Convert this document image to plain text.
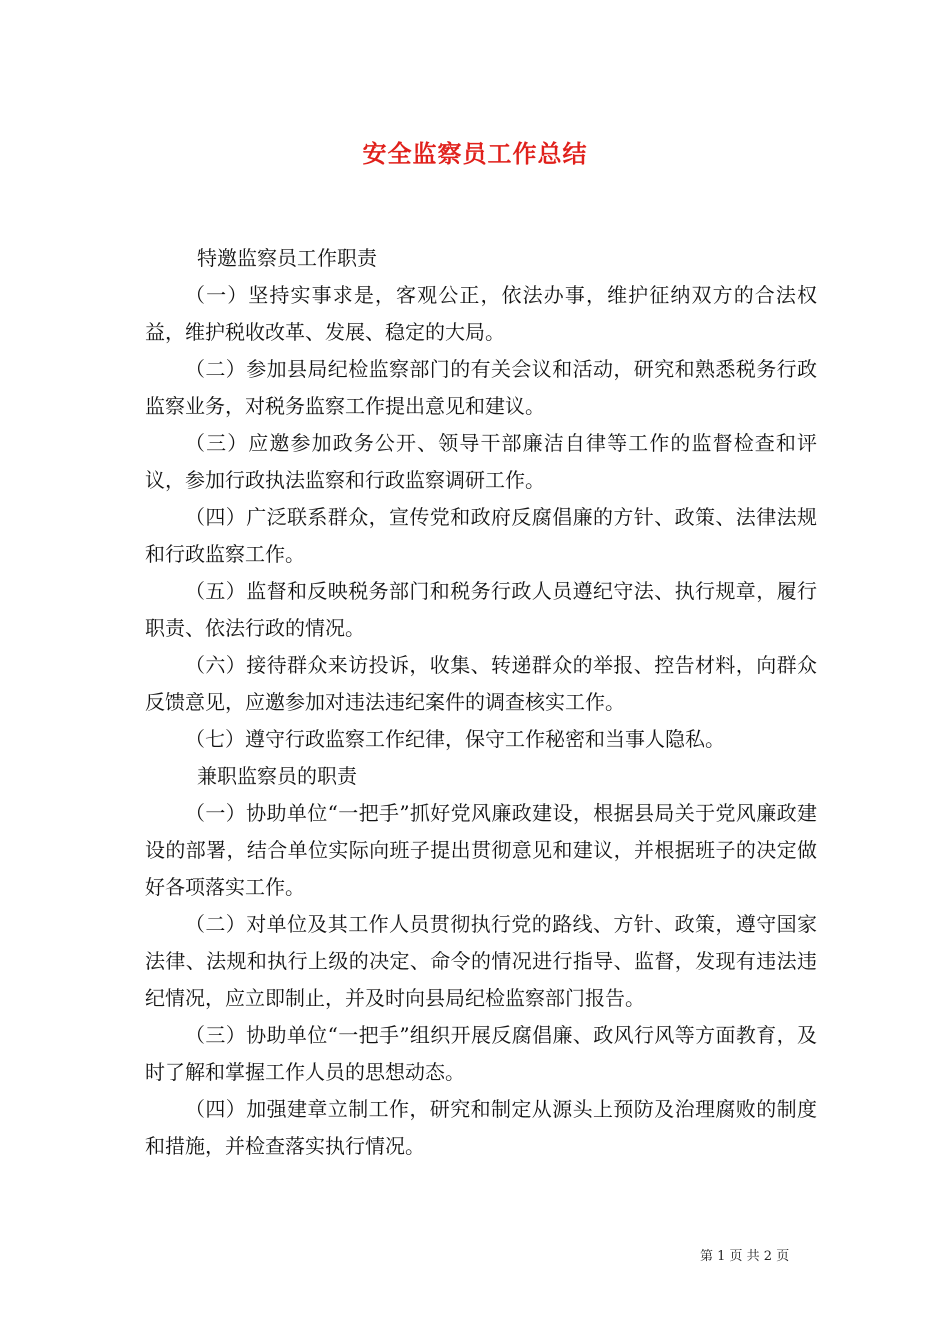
安全监察员工作总结

特邀监察员工作职责

（一）坚持实事求是，客观公正，依法办事，维护征纳双方的合法权益，维护税收改革、发展、稳定的大局。

（二）参加县局纪检监察部门的有关会议和活动，研究和熟悉税务行政监察业务，对税务监察工作提出意见和建议。

（三）应邀参加政务公开、领导干部廉洁自律等工作的监督检查和评议，参加行政执法监察和行政监察调研工作。

（四）广泛联系群众，宣传党和政府反腐倡廉的方针、政策、法律法规和行政监察工作。

（五）监督和反映税务部门和税务行政人员遵纪守法、执行规章，履行职责、依法行政的情况。

（六）接待群众来访投诉，收集、转递群众的举报、控告材料，向群众反馈意见，应邀参加对违法违纪案件的调查核实工作。

（七）遵守行政监察工作纪律，保守工作秘密和当事人隐私。

兼职监察员的职责

（一）协助单位“一把手”抓好党风廉政建设，根据县局关于党风廉政建设的部署，结合单位实际向班子提出贯彻意见和建议，并根据班子的决定做好各项落实工作。

（二）对单位及其工作人员贯彻执行党的路线、方针、政策，遵守国家法律、法规和执行上级的决定、命令的情况进行指导、监督，发现有违法违纪情况，应立即制止，并及时向县局纪检监察部门报告。

（三）协助单位“一把手”组织开展反腐倡廉、政风行风等方面教育，及时了解和掌握工作人员的思想动态。

（四）加强建章立制工作，研究和制定从源头上预防及治理腐败的制度和措施，并检查落实执行情况。

第 1 页 共 2 页
